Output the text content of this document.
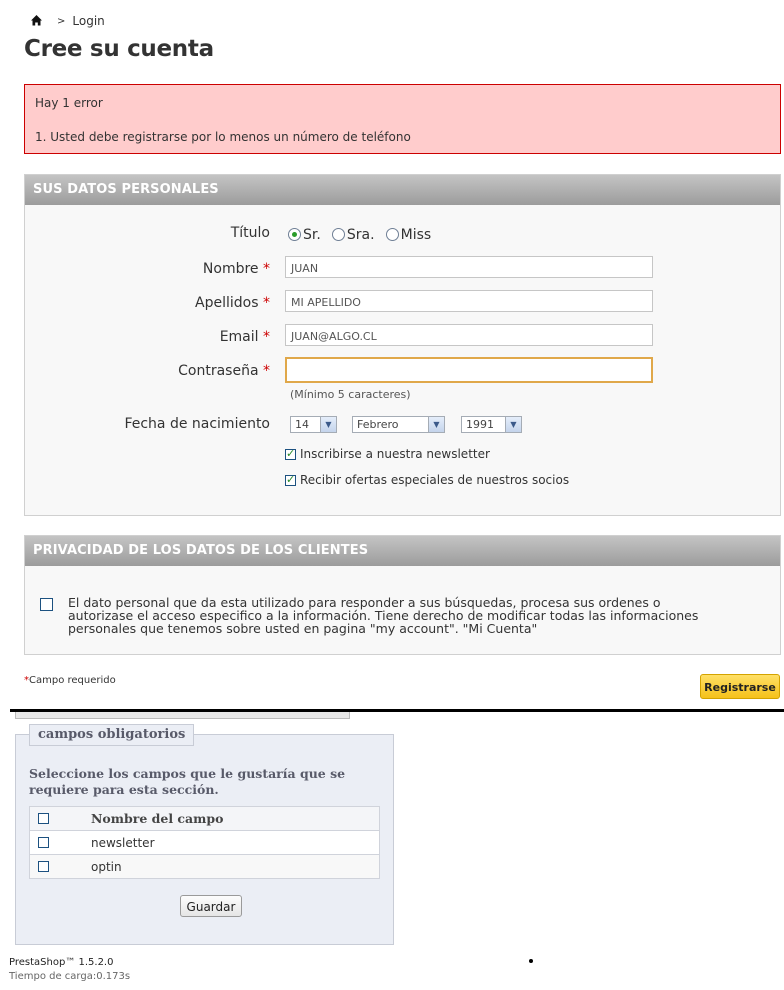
> Login
Cree su cuenta
Hay 1 error
1. Usted debe registrarse por lo menos un número de teléfono
SUS DATOS PERSONALES
Título	Sr. Sra. Miss
Nombre *	JUAN
Apellidos *	MI APELLIDO
Email *	JUAN@ALGO.CL
Contraseña *
(Mínimo 5 caracteres)
Fecha de nacimiento 14	▼	Febrero	▼	1991	▼
✓
Inscribirse a nuestra newsletter
✓
Recibir ofertas especiales de nuestros socios
PRIVACIDAD DE LOS DATOS DE LOS CLIENTES
El dato personal que da esta utilizado para responder a sus búsquedas, procesa sus ordenes o autorizase el acceso especifico a la información. Tiene derecho de modificar todas las informaciones personales que tenemos sobre usted en pagina "my account". "Mi Cuenta"
*Campo requerido
Registrarse
campos obligatorios
Seleccione los campos que le gustaría que se requiere para esta sección.
Nombre del campo
newsletter
optin
Guardar
PrestaShop™ 1.5.2.0
Tiempo de carga:0.173s
